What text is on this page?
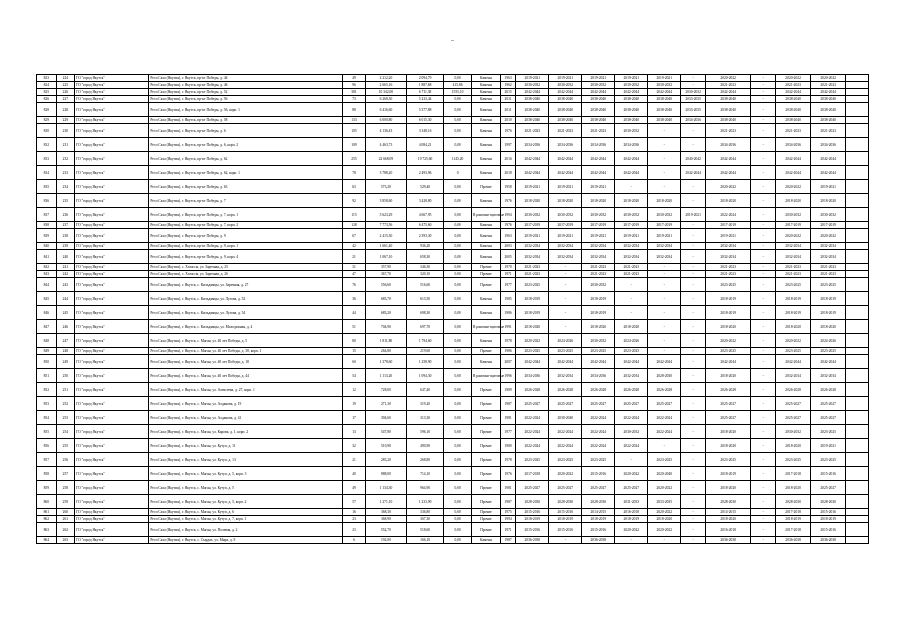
–
823	224	ГО "город Якутск"	Респ Саха (Якутия), г. Якутск, пр-кт Победы, д. 44	49	2 212,20	2 094,79	0,00	Каменн	1963	2019-2021	2019-2021	2019-2021	2019-2021	2019-2021	-	2020-2022	-	2020-2022	2020-2022	
824	225	ГО "город Якутск"	Респ Саха (Якутия), г. Якутск, пр-кт Победы, д. 46	96	2 665,16	1 887,68	415,86	Каменн	1962	2030-2032	2030-2032	2030-2032	2030-2032	2030-2032	-	2021-2023	-	2021-2023	2021-2023	
825	226	ГО "город Якутск"	Респ Саха (Якутия), г. Якутск, пр-кт Победы, д. 52	381	10 342,00	6 711,38	1555,10	Каменн	2015	2042-2044	2042-2044	2042-2044	2042-2044	2042-2044	2030-2032	2042-2044	-	2042-2044	2042-2044	
826	227	ГО "город Якутск"	Респ Саха (Якутия), г. Якутск, пр-кт Победы, д. 56	73	6 268,30	5 223,44	0,00	Каменн	2011	2038-2040	2038-2040	2038-2040	2038-2040	2038-2040	2033-2035	2038-2040	-	2038-2040	2038-2040	
828	228	ГО "город Якутск"	Респ Саха (Якутия), г. Якутск, пр-кт Победы, д. 56, корп. 1	88	6 416,60	5 377,88	0,00	Каменн	2011	2038-2040	2038-2040	2038-2040	2038-2040	2038-2040	2033-2035	2038-2040	-	2038-2040	2038-2040	
829	229	ГО "город Якутск"	Респ Саха (Якутия), г. Якутск, пр-кт Победы, д. 58	133	6 000,80	6 015,30	0,00	Каменн	2010	2038-2040	2038-2040	2038-2040	2038-2040	2038-2040	2034-2036	2038-2040	-	2038-2040	2038-2040	
830	230	ГО "город Якутск"	Респ Саха (Якутия), г. Якутск, пр-кт Победы, д. 6	105	4 136,43	3 348,16	0,00	Каменн	1976	2021-2023	2021-2023	2021-2023	2030-2032	-	-	2021-2023	-	2021-2023	2021-2023	
832	231	ГО "город Якутск"	Респ Саха (Якутия), г. Якутск, пр-кт Победы, д. 6, корп. 2	109	4 463,73	4 084,21	0,00	Каменн	1997	2034-2036	2034-2036	2034-2036	2034-2036	-	-	2034-2036	-	2034-2036	2034-2036	
833	232	ГО "город Якутск"	Респ Саха (Якутия), г. Якутск, пр-кт Победы, д. 62	255	22 668,09	19 725,60	1145,20	Каменн	2016	2042-2044	2042-2044	2042-2044	2042-2044	-	2040-2042	2042-2044	-	2042-2044	2042-2044	
834	233	ГО "город Якутск"	Респ Саха (Якутия), г. Якутск, пр-кт Победы, д. 62, корп. 1	78	3 788,20	2 493,96	0	Каменн	2018	2042-2044	2042-2044	2042-2044	2042-2044	-	2042-2044	2042-2044	-	2042-2044	2042-2044	
835	234	ГО "город Якутск"	Респ Саха (Якутия), г. Якутск, пр-кт Победы, д. 63	63	573,20	529,40	0,00	Прочие	1958	2019-2021	2019-2021	2019-2021	-	-	-	2020-2022	-	2020-2022	2019-2021	
836	235	ГО "город Якутск"	Респ Саха (Якутия), г. Якутск, пр-кт Победы, д. 7	92	3 858,60	3 428,80	0,00	Каменн	1976	2018-2020	2018-2020	2018-2020	2018-2020	2018-2020	-	2018-2020	-	2018-2020	2018-2020	
837	236	ГО "город Якутск"	Респ Саха (Якутия), г. Якутск, пр-кт Победы, д. 7, корп. 1	115	5 623,29	4 667,95	0,00	В рамочно-щитовые	1994	2030-2032	2030-2032	2030-2032	2030-2032	2030-2032	2019-2021	2022-2024	-	2030-2032	2030-2032	
838	237	ГО "город Якутск"	Респ Саха (Якутия), г. Якутск, пр-кт Победы, д. 7, корп. 2	128	7 773,56	6 475,60	0,00	Каменн	1976	2017-2019	2017-2019	2017-2019	2017-2019	2017-2019	-	2017-2019	-	2017-2019	2017-2019	
839	238	ГО "город Якутск"	Респ Саха (Якутия), г. Якутск, пр-кт Победы, д. 9	67	2 415,30	2 393,30	0,00	Каменн	1963	2019-2021	2019-2021	2019-2021	2019-2021	2019-2021	-	2019-2021	-	2020-2022	2020-2022	
840	239	ГО "город Якутск"	Респ Саха (Якутия), г. Якутск, пр-кт Победы, д. 9, корп. 1	42	1 661,40	936,20	0,00	Каменн	2003	2032-2034	2032-2034	2032-2034	2032-2034	2032-2034	-	2032-2034	-	2032-2034	2032-2034	
841	240	ГО "город Якутск"	Респ Саха (Якутия), г. Якутск, пр-кт Победы, д. 9, корп. 4	21	1 067,10	658,30	0,00	Каменн	2005	2032-2034	2032-2034	2032-2034	2032-2034	2032-2034	-	2032-2034	-	2032-2034	2032-2034	
842	241	ГО "город Якутск"	Респ Саха (Якутия), с. Хатассы, ул. Заречная, д. 25	31	357,90	346,30	0,00	Прочие	1970	2021-2023	-	2021-2023	2021-2023	-	-	2021-2023	-	2021-2023	2021-2023	
843	242	ГО "город Якутск"	Респ Саха (Якутия), с. Хатассы, ул. Заречная, д. 26	47	367,70	320,10	0,00	Прочие	1971	2021-2023	-	2021-2023	2021-2023	-	-	2021-2023	-	2021-2023	2021-2023	
844	243	ГО "город Якутск"	Респ Саха (Якутия), г. Якутск, с. Кильдямцы, ул. Заречная, д. 27	76	556,60	516,60	0,00	Прочие	1977	2023-2025	-	2030-2032	-	-	-	2023-2025	-	2023-2025	2023-2025	
845	244	ГО "город Якутск"	Респ Саха (Якутия), г. Якутск, с. Кильдямцы, ул. Лугова, д. 52	36	683,70	613,50	0,00	Каменн	1985	2018-2019	-	2018-2019	-	-	-	2018-2019	-	2018-2019	2018-2019	
846	245	ГО "город Якутск"	Респ Саха (Якутия), г. Якутск, с. Кильдямцы, ул. Лугова, д. 54	44	683,20	698,30	0,00	Каменн	1986	2018-2019	-	2018-2019	-	-	-	2018-2019	-	2018-2019	2018-2019	
847	246	ГО "город Якутск"	Респ Саха (Якутия), г. Якутск, с. Кильдямцы, ул. Молодежная, д. 4	51	704,90	697,70	0,00	В рамочно-щитовые	1991	2018-2020	-	2018-2020	2018-2020	-	-	2018-2020	-	2018-2020	2018-2020	
848	247	ГО "город Якутск"	Респ Саха (Якутия), г. Якутск, с. Маган, ул. 40 лет Победы, д. 5	80	1 811,80	1 794,60	0,00	Каменн	1978	2020-2022	2024-2026	2030-2032	2024-2026	-	-	2020-2022	-	2020-2022	2024-2026	
849	248	ГО "город Якутск"	Респ Саха (Якутия), г. Якутск, с. Маган, ул. 40 лет Победы, д. 38, корп. 1	15	264,80	219,60	0,00	Прочие	1986	2023-2025	2023-2025	2023-2025	2023-2025	-	-	2023-2025	-	2023-2025	2023-2025	
850	249	ГО "город Якутск"	Респ Саха (Якутия), г. Якутск, с. Маган, ул. 40 лет Победы, д. 18	60	1 378,60	1 258,90	0,00	Каменн	2007	2042-2044	2042-2044	2042-2044	2042-2044	2042-2044	-	2042-2044	-	2042-2044	2042-2044	
851	250	ГО "город Якутск"	Респ Саха (Якутия), г. Якутск, с. Маган, ул. 40 лет Победы, д. 44	54	1 113,20	1 094,30	0,00	В рамочно-щитовые	1996	2034-2036	2032-2034	2034-2036	2032-2034	2028-2030	-	2018-2020	-	2032-2034	2032-2034	
852	251	ГО "город Якутск"	Респ Саха (Якутия), г. Якутск, с. Маган, ул. Алексеева, д. 27, корп. 1	12	728,00	647,40	0,00	Прочие	1989	2026-2028	2026-2028	2026-2028	2026-2028	2026-2028	-	2026-2028	-	2026-2028	2026-2028	
853	252	ГО "город Якутск"	Респ Саха (Якутия), г. Якутск, с. Маган, ул. Алданова, д. 19	19	271,30	319,20	0,00	Прочие	1987	2025-2027	2025-2027	2025-2027	2025-2027	2025-2027	-	2025-2027	-	2025-2027	2025-2027	
854	253	ГО "город Якутск"	Респ Саха (Якутия), г. Якутск, с. Маган, ул. Алданова, д. 41	17	394,60	313,30	0,00	Прочие	1981	2022-2024	2030-2040	2022-2024	2022-2024	2022-2024	-	2025-2027	-	2025-2027	2025-2027	
855	254	ГО "город Якутск"	Респ Саха (Якутия), г. Якутск, с. Маган, ул. Карова, д. 1, корп. 2	13	547,80	596,10	0,00	Прочие	1977	2022-2024	2022-2024	2022-2024	2030-2032	2022-2024	-	2018-2020	-	2030-2032	2023-2025	
856	255	ГО "город Якутск"	Респ Саха (Якутия), г. Якутск, с. Маган, ул. Кутуп, д. 11	32	510,90	490,90	0,00	Прочие	1980	2022-2024	2022-2024	2022-2024	2022-2024	-	-	2018-2020	-	2018-2020	2019-2021	
857	256	ГО "город Якутск"	Респ Саха (Якутия), г. Якутск, с. Маган, ул. Кутуп, д. 13	21	283,20	268,80	0,00	Прочие	1978	2023-2025	2023-2025	2023-2025	-	2023-2025	-	2023-2025	-	2023-2025	2023-2025	
858	257	ГО "город Якутск"	Респ Саха (Якутия), г. Якутск, с. Маган, ул. Кутуп, д. 5, корп. 3	40	888,00	714,10	0,00	Прочие	1976	2017-2018	2020-2022	2015-2016	2020-2022	2020-2040	-	2018-2019	-	2017-2018	2015-2016	
859	258	ГО "город Якутск"	Респ Саха (Якутия), г. Якутск, с. Маган, ул. Кутуп, д. 5	49	1 134,30	964,90	0,00	Прочие	1981	2025-2027	2025-2027	2025-2027	2025-2027	2020-2022	-	2018-2020	-	2018-2020	2025-2027	
860	259	ГО "город Якутск"	Респ Саха (Якутия), г. Якутск, с. Маган, ул. Кутуп, д. 5, корп. 2	57	1 271,10	1 233,90	0,00	Прочие	1987	2028-2030	2028-2030	2028-2030	2031-2033	2033-2035	-	2028-2030	-	2028-2030	2028-2030	
861	260	ГО "город Якутск"	Респ Саха (Якутия), г. Якутск, с. Маган, ул. Кутуп, д. 6	16	368,30	336,80	0,00	Прочие	1975	2015-2016	2015-2016	2014-2015	2016-2018	2020-2022	-	2014-2015	-	2017-2018	2015-2016	
862	261	ГО "город Якутск"	Респ Саха (Якутия), г. Якутск, с. Маган, ул. Кутуп, д. 7, корп. 1	23	368,90	367,30	0,00	Прочие	1994	2018-2019	2018-2019	2018-2019	2018-2019	2018-2020	-	2018-2020	-	2018-2019	2018-2019	
863	262	ГО "город Якутск"	Респ Саха (Якутия), г. Якутск, с. Маган, ул. Полевая, д. 2	23	552,70	518,60	0,00	Прочие	1971	2015-2016	2015-2016	2015-2016	2020-2022	2020-2022	-	2016-2018	-	2017-2018	2015-2016	
864	263	ГО "город Якутск"	Респ Саха (Якутия), г. Якутск, с. Сырдах, ул. Мира, д. 9	6	192,00	166,10	0,00	Каменн	1987	2036-2038	-	2036-2038	-	-	-	2036-2038	-	2036-2038	2036-2038	
